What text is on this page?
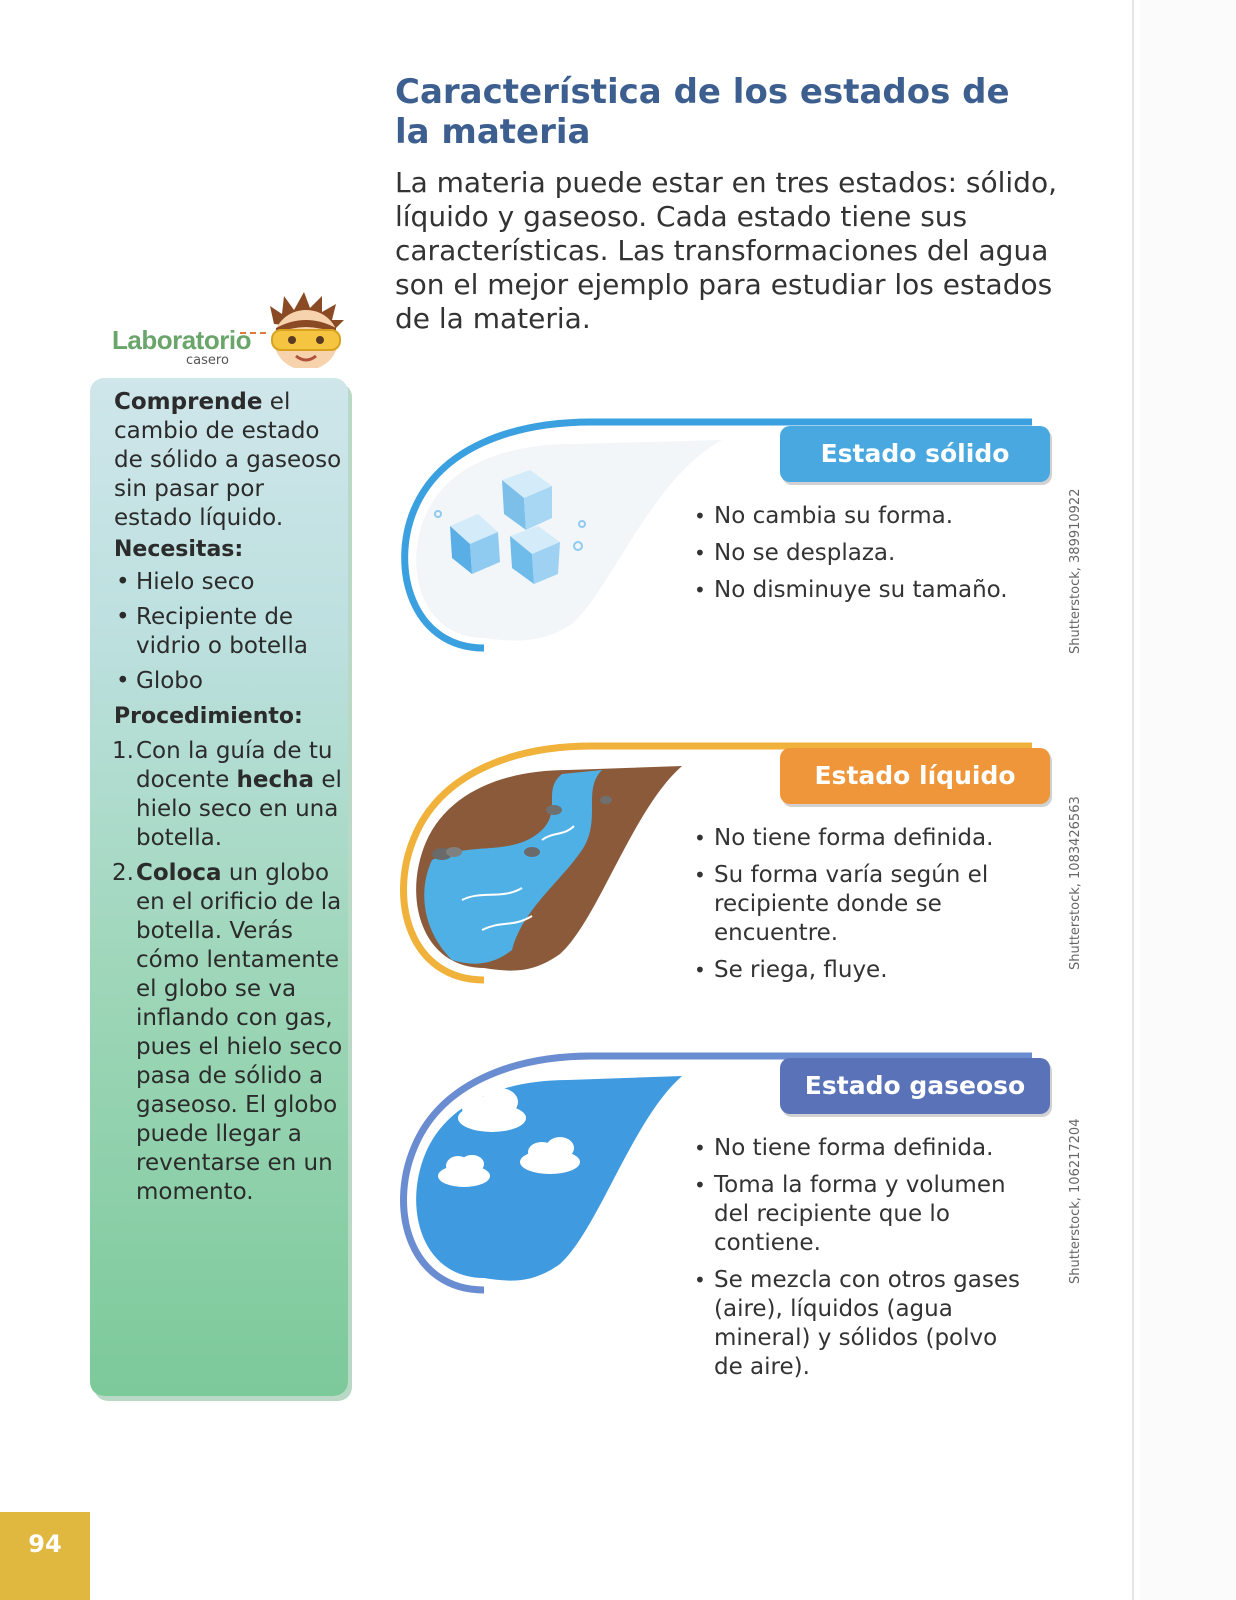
Característica de los estados de la materia

La materia puede estar en tres estados: sólido, líquido y gaseoso. Cada estado tiene sus características. Las transformaciones del agua son el mejor ejemplo para estudiar los estados de la materia.

Laboratorio
casero
Comprende el cambio de estado de sólido a gaseoso sin pasar por estado líquido.
Necesitas:
• Hielo seco
• Recipiente de vidrio o botella
• Globo
Procedimiento:
1. Con la guía de tu docente hecha el hielo seco en una botella.
2. Coloca un globo en el orificio de la botella. Verás cómo lentamente el globo se va inflando con gas, pues el hielo seco pasa de sólido a gaseoso. El globo puede llegar a reventarse en un momento.
Estado sólido
• No cambia su forma.
• No se desplaza.
• No disminuye su tamaño.
Estado líquido
• No tiene forma definida.
• Su forma varía según el recipiente donde se encuentre.
• Se riega, fluye.
Estado gaseoso
• No tiene forma definida.
• Toma la forma y volumen del recipiente que lo contiene.
• Se mezcla con otros gases (aire), líquidos (agua mineral) y sólidos (polvo de aire).
Shutterstock, 389910922
Shutterstock, 1083426563
Shutterstock, 106217204
94
